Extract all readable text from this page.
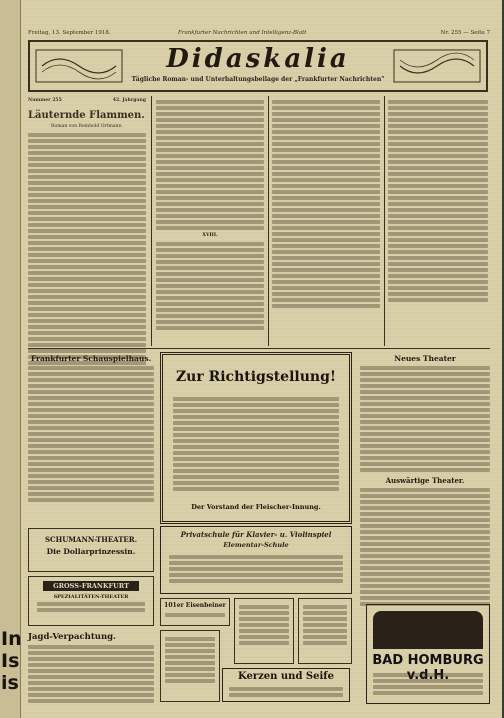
In
Is
is
Freitag, 13. September 1918.	Frankfurter Nachrichten und Intelligenz-Blatt	Nr. 255 — Seite 7
Didaskalia
Tägliche Roman- und Unterhaltungsbeilage der „Frankfurter Nachrichten"
Nummer 255	42. Jahrgang
Läuternde Flammen.
Roman von Reinhold Ortmann.
XVIII.
Frankfurter Schauspielhaus.
SCHUMANN-THEATER.
Die Dollarprinzessin.
GROSS-FRANKFURT
SPEZIALITÄTEN-THEATER
Jagd-Verpachtung.
Zur Richtigstellung!
Der Vorstand der Fleischer-Innung.
Privatschule für Klavier- u. Violinspiel
Elementar-Schule
101er Eisenbeiner
Kerzen und Seife
Neues Theater
Auswärtige Theater.
BAD HOMBURG v.d.H.
